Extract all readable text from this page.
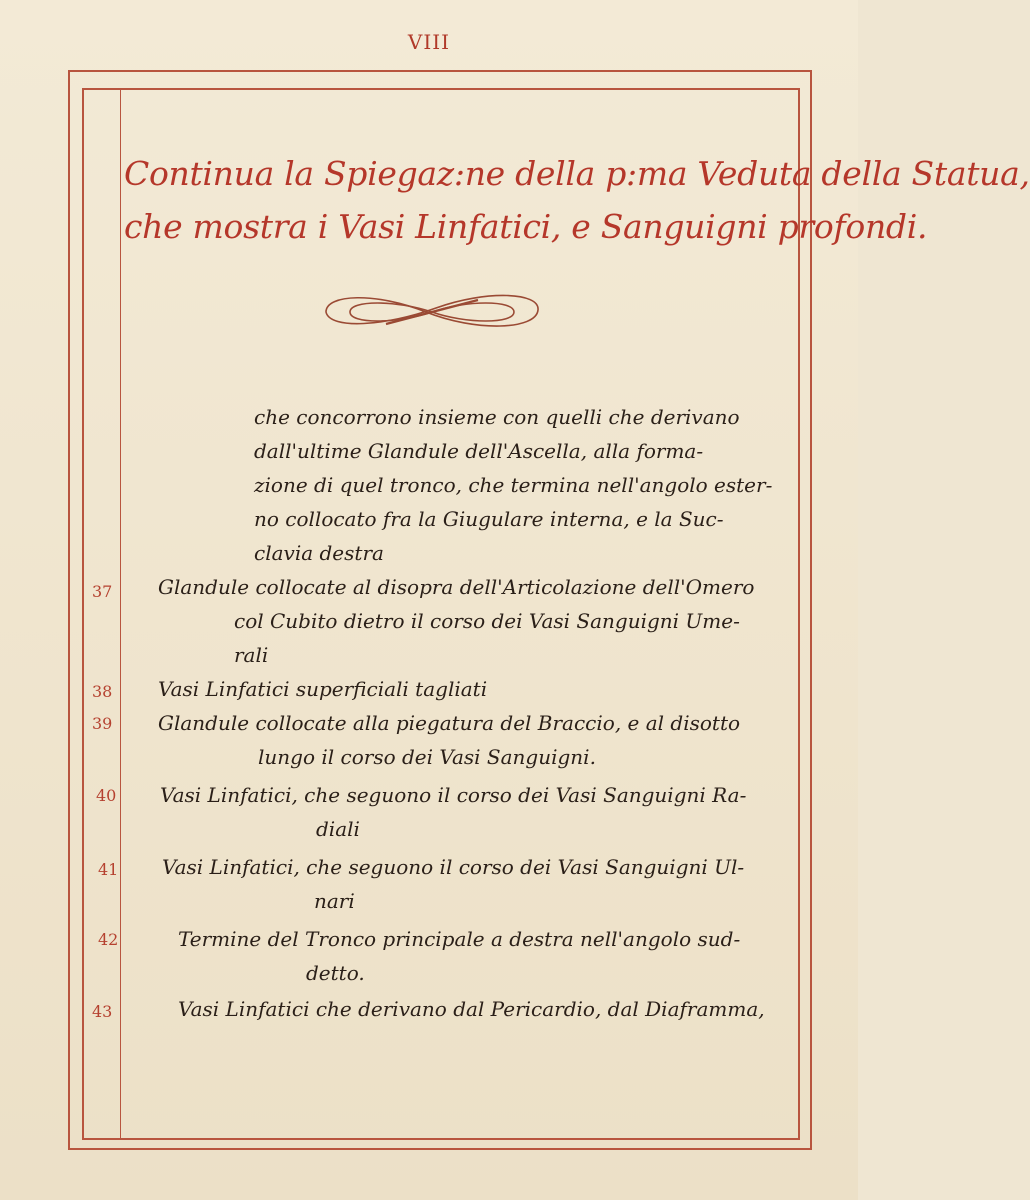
VIII
Continua la Spiegaz:ne della p:ma Veduta della Statua,
che mostra i Vasi Linfatici, e Sanguigni profondi.
che concorrono insieme con quelli che derivano
dall'ultime Glandule dell'Ascella, alla forma-
zione di quel tronco, che termina nell'angolo ester-
no collocato fra la Giugulare interna, e la Suc-
clavia destra
37	Glandule collocate al disopra dell'Articolazione dell'Omero
col Cubito dietro il corso dei Vasi Sanguigni Ume-
rali
38	Vasi Linfatici superficiali tagliati
39	Glandule collocate alla piegatura del Braccio, e al disotto
lungo il corso dei Vasi Sanguigni.
40	Vasi Linfatici, che seguono il corso dei Vasi Sanguigni Ra-
diali
41	Vasi Linfatici, che seguono il corso dei Vasi Sanguigni Ul-
nari
42	Termine del Tronco principale a destra nell'angolo sud-
detto.
43	Vasi Linfatici che derivano dal Pericardio, dal Diaframma,
